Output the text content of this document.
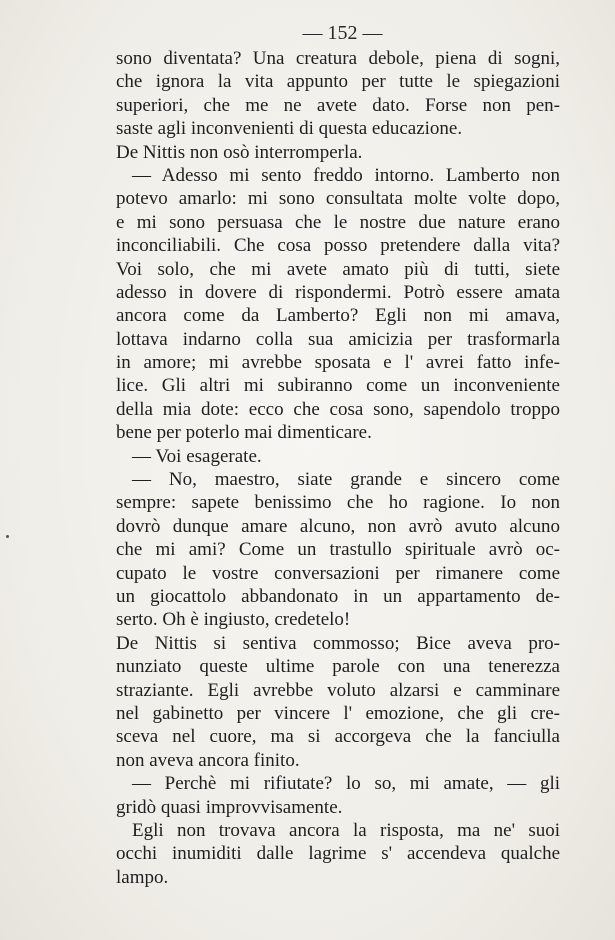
— 152 —
sono diventata? Una creatura debole, piena di sogni,
che ignora la vita appunto per tutte le spiegazioni
superiori, che me ne avete dato. Forse non pen-
saste agli inconvenienti di questa educazione.
De Nittis non osò interromperla.
— Adesso mi sento freddo intorno. Lamberto non
potevo amarlo: mi sono consultata molte volte dopo,
e mi sono persuasa che le nostre due nature erano
inconciliabili. Che cosa posso pretendere dalla vita?
Voi solo, che mi avete amato più di tutti, siete
adesso in dovere di rispondermi. Potrò essere amata
ancora come da Lamberto? Egli non mi amava,
lottava indarno colla sua amicizia per trasformarla
in amore; mi avrebbe sposata e l' avrei fatto infe-
lice. Gli altri mi subiranno come un inconveniente
della mia dote: ecco che cosa sono, sapendolo troppo
bene per poterlo mai dimenticare.
— Voi esagerate.
— No, maestro, siate grande e sincero come
sempre: sapete benissimo che ho ragione. Io non
dovrò dunque amare alcuno, non avrò avuto alcuno
che mi ami? Come un trastullo spirituale avrò oc-
cupato le vostre conversazioni per rimanere come
un giocattolo abbandonato in un appartamento de-
serto. Oh è ingiusto, credetelo!
De Nittis si sentiva commosso; Bice aveva pro-
nunziato queste ultime parole con una tenerezza
straziante. Egli avrebbe voluto alzarsi e camminare
nel gabinetto per vincere l' emozione, che gli cre-
sceva nel cuore, ma si accorgeva che la fanciulla
non aveva ancora finito.
— Perchè mi rifiutate? lo so, mi amate, — gli
gridò quasi improvvisamente.
Egli non trovava ancora la risposta, ma ne' suoi
occhi inumiditi dalle lagrime s' accendeva qualche
lampo.
